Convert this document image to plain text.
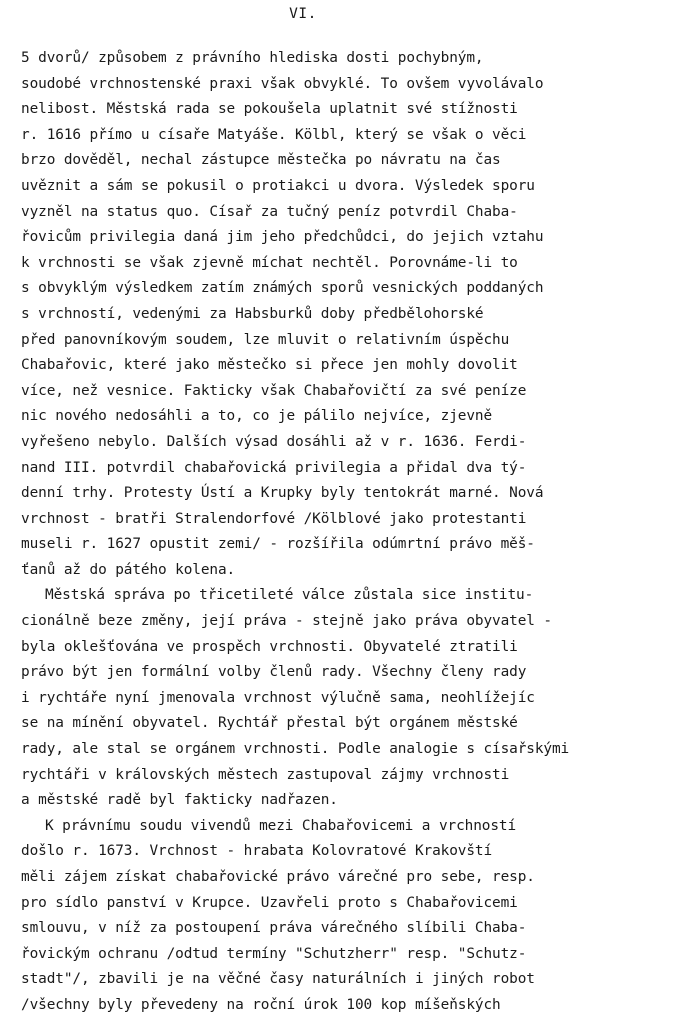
VI.
5 dvorů/ způsobem z právního hlediska dosti pochybným,
soudobé vrchnostenské praxi však obvyklé. To ovšem vyvolávalo
nelibost. Městská rada se pokoušela uplatnit své stížnosti
r. 1616 přímo u císaře Matyáše. Kölbl, který se však o věci
brzo dověděl, nechal zástupce městečka po návratu na čas
uvěznit a sám se pokusil o protiakci u dvora. Výsledek sporu
vyzněl na status quo. Císař za tučný peníz potvrdil Chaba-
řovicům privilegia daná jim jeho předchůdci, do jejich vztahu
k vrchnosti se však zjevně míchat nechtěl. Porovnáme-li to
s obvyklým výsledkem zatím známých sporů vesnických poddaných
s vrchností, vedenými za Habsburků doby předbělohorské
před panovníkovým soudem, lze mluvit o relativním úspěchu
Chabařovic, které jako městečko si přece jen mohly dovolit
více, než vesnice. Fakticky však Chabařovičtí za své peníze
nic nového nedosáhli a to, co je pálilo nejvíce, zjevně
vyřešeno nebylo. Dalších výsad dosáhli až v r. 1636. Ferdi-
nand III. potvrdil chabařovická privilegia a přidal dva tý-
denní trhy. Protesty Ústí a Krupky byly tentokrát marné. Nová
vrchnost - bratři Stralendorfové /Kölblové jako protestanti
museli r. 1627 opustit zemi/ - rozšířila odúmrtní právo měš-
ťanů až do pátého kolena.
Městská správa po třicetileté válce zůstala sice institu-
cionálně beze změny, její práva - stejně jako práva obyvatel -
byla oklešťována ve prospěch vrchnosti. Obyvatelé ztratili
právo být jen formální volby členů rady. Všechny členy rady
i rychtáře nyní jmenovala vrchnost výlučně sama, neohlížejíc
se na mínění obyvatel. Rychtář přestal být orgánem městské
rady, ale stal se orgánem vrchnosti. Podle analogie s císařskými
rychtáři v královských městech zastupoval zájmy vrchnosti
a městské radě byl fakticky nadřazen.
K právnímu soudu vivendů mezi Chabařovicemi a vrchností
došlo r. 1673. Vrchnost - hrabata Kolovratové Krakovští
měli zájem získat chabařovické právo várečné pro sebe, resp.
pro sídlo panství v Krupce. Uzavřeli proto s Chabařovicemi
smlouvu, v níž za postoupení práva várečného slíbili Chaba-
řovickým ochranu /odtud termíny "Schutzherr" resp. "Schutz-
stadt"/, zbavili je na věčné časy naturálních i jiných robot
/všechny byly převedeny na roční úrok 100 kop míšeňských
